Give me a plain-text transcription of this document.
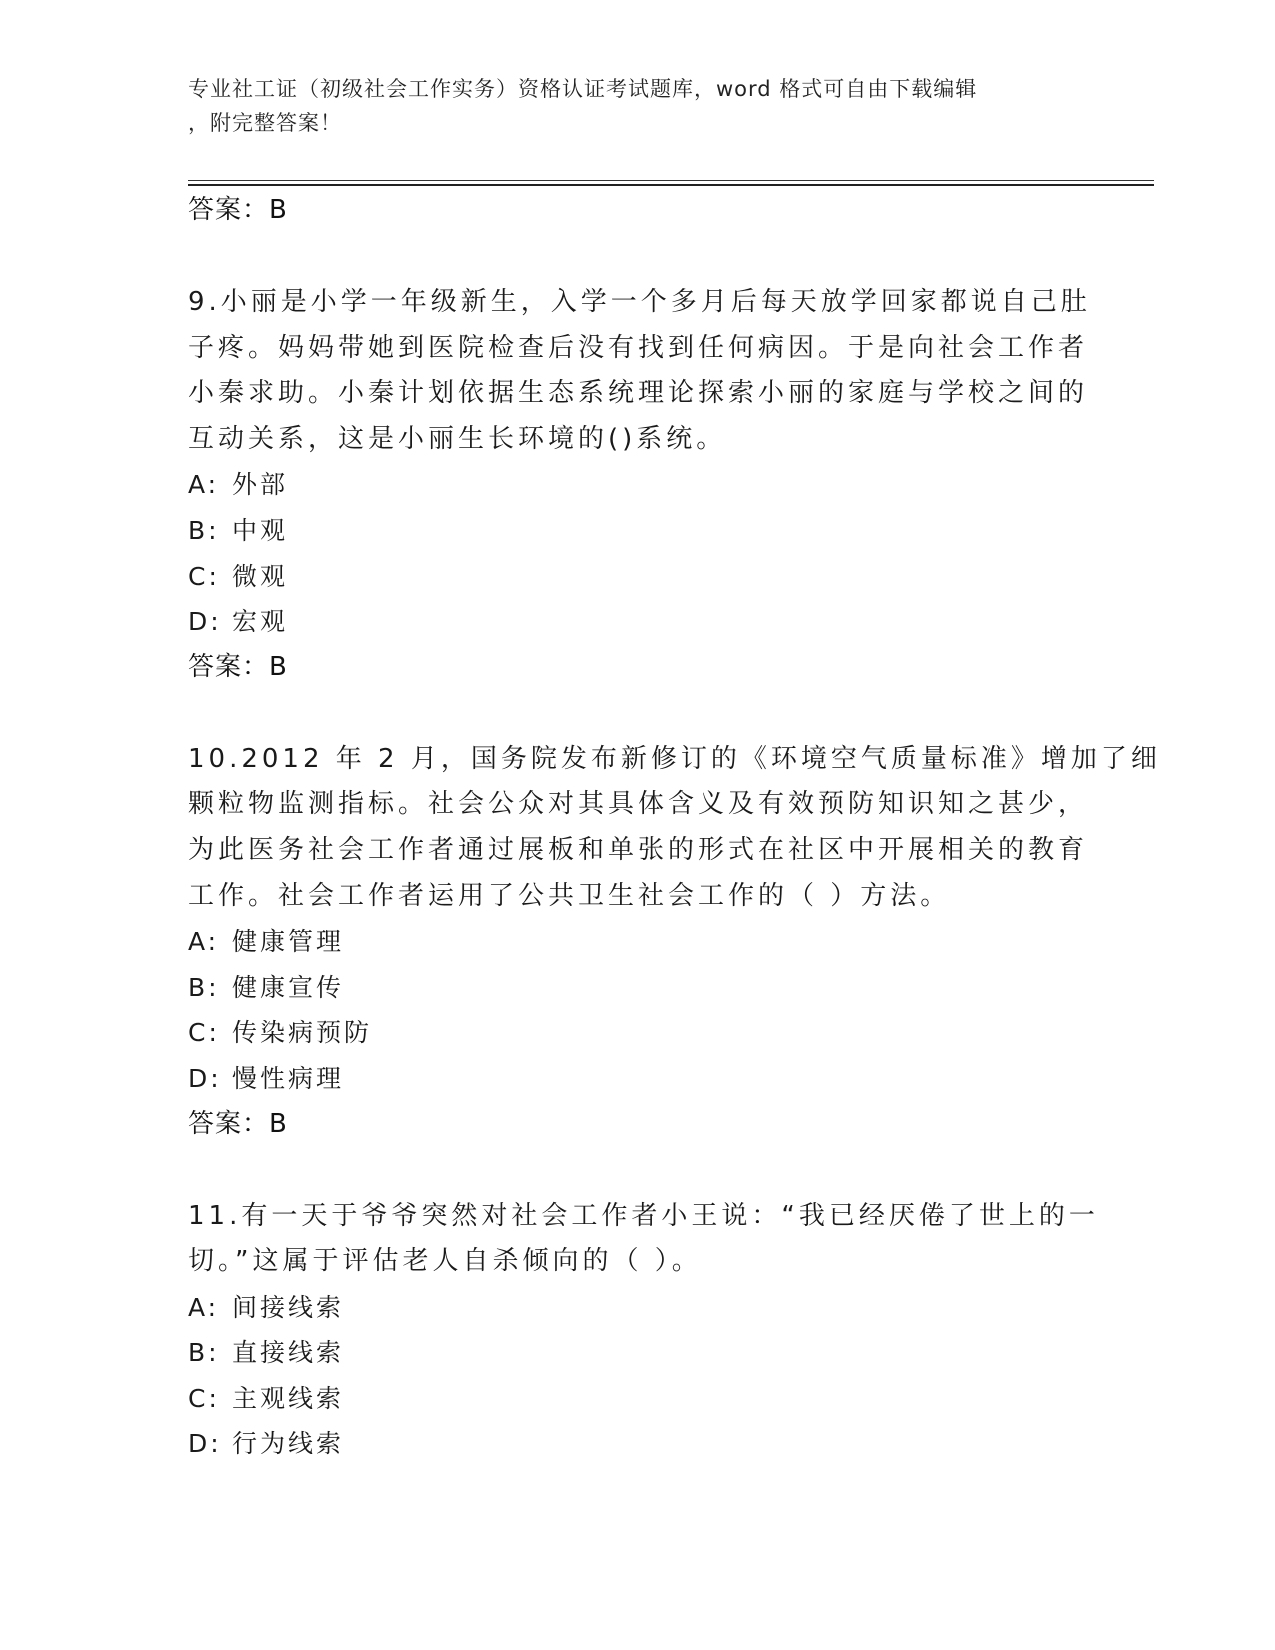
专业社工证（初级社会工作实务）资格认证考试题库，word 格式可自由下载编辑
，附完整答案！
答案：B
9.小丽是小学一年级新生，入学一个多月后每天放学回家都说自己肚
子疼。妈妈带她到医院检查后没有找到任何病因。于是向社会工作者
小秦求助。小秦计划依据生态系统理论探索小丽的家庭与学校之间的
互动关系，这是小丽生长环境的()系统。
A: 外部
B: 中观
C: 微观
D: 宏观
答案：B
10.2012 年 2 月，国务院发布新修订的《环境空气质量标准》增加了细
颗粒物监测指标。社会公众对其具体含义及有效预防知识知之甚少，
为此医务社会工作者通过展板和单张的形式在社区中开展相关的教育
工作。社会工作者运用了公共卫生社会工作的（ ）方法。
A: 健康管理
B: 健康宣传
C: 传染病预防
D: 慢性病理
答案：B
11.有一天于爷爷突然对社会工作者小王说：“我已经厌倦了世上的一
切。”这属于评估老人自杀倾向的（ ）。
A: 间接线索
B: 直接线索
C: 主观线索
D: 行为线索
